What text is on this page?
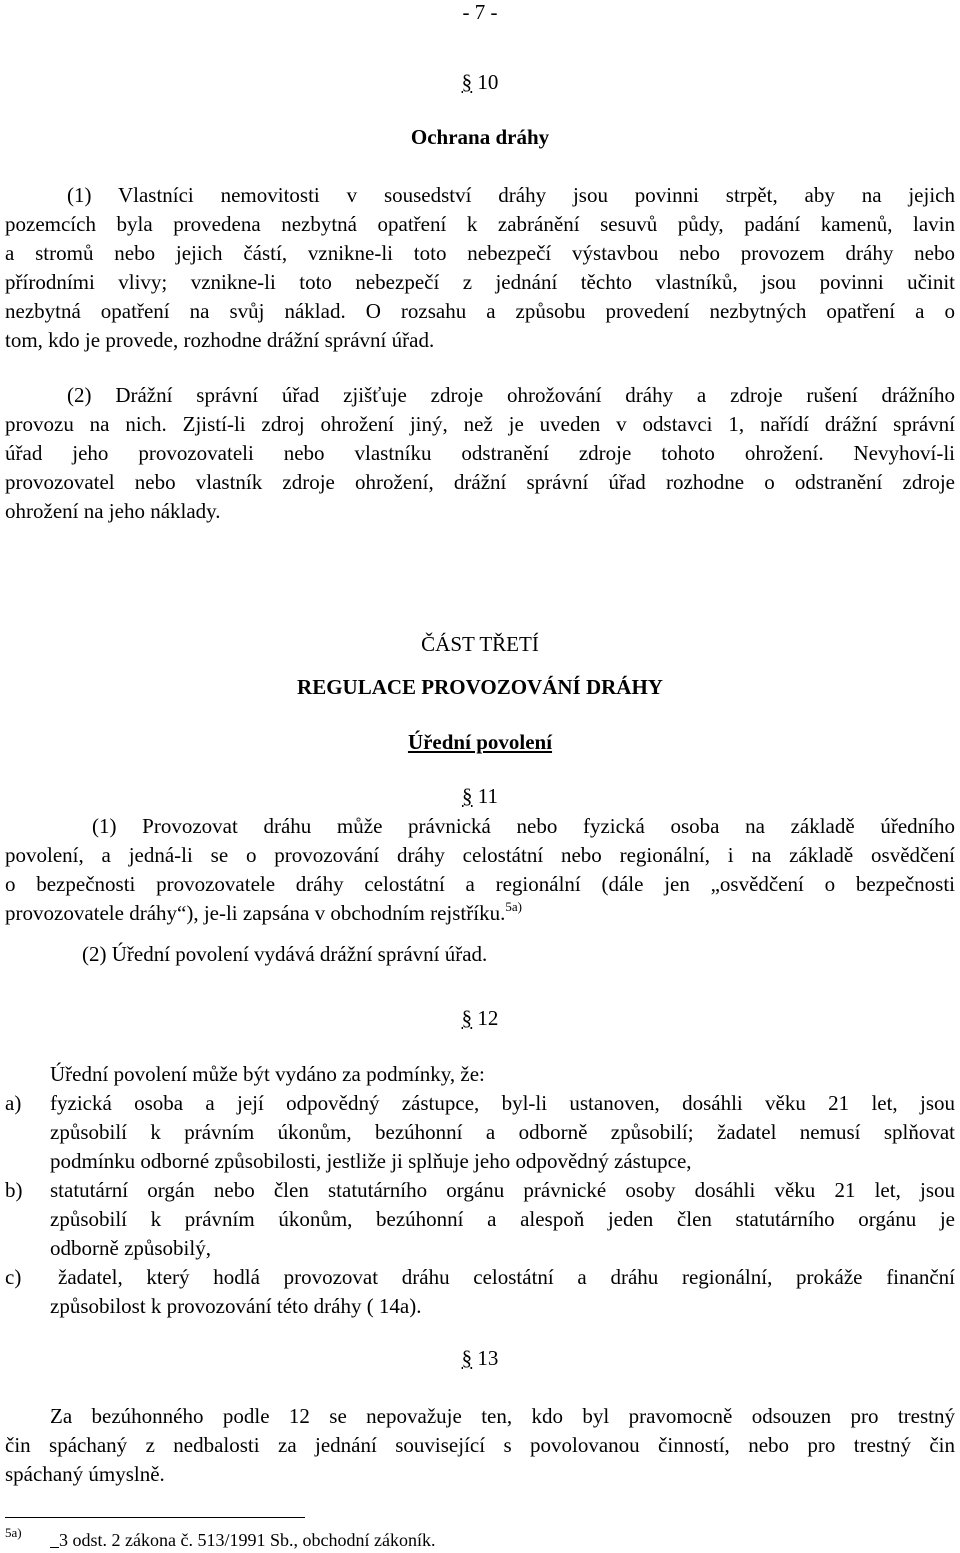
- 7 -
§ 10
Ochrana dráhy
(1) Vlastníci nemovitosti v sousedství dráhy jsou povinni strpět, aby na jejich
pozemcích byla provedena nezbytná opatření k zabránění sesuvů půdy, padání kamenů, lavin
a stromů nebo jejich částí, vznikne-li toto nebezpečí výstavbou nebo provozem dráhy nebo
přírodními vlivy; vznikne-li toto nebezpečí z jednání těchto vlastníků, jsou povinni učinit
nezbytná opatření na svůj náklad. O rozsahu a způsobu provedení nezbytných opatření a o
tom, kdo je provede, rozhodne drážní správní úřad.
(2) Drážní správní úřad zjišťuje zdroje ohrožování dráhy a zdroje rušení drážního
provozu na nich. Zjistí-li zdroj ohrožení jiný, než je uveden v odstavci 1, nařídí drážní správní
úřad jeho provozovateli nebo vlastníku odstranění zdroje tohoto ohrožení. Nevyhoví-li
provozovatel nebo vlastník zdroje ohrožení, drážní správní úřad rozhodne o odstranění zdroje
ohrožení na jeho náklady.
ČÁST TŘETÍ
REGULACE PROVOZOVÁNÍ DRÁHY
Úřední povolení
§ 11
(1) Provozovat dráhu může právnická nebo fyzická osoba na základě úředního
povolení, a jedná-li se o provozování dráhy celostátní nebo regionální, i na základě osvědčení
o bezpečnosti provozovatele dráhy celostátní a regionální (dále jen „osvědčení o bezpečnosti
provozovatele dráhy“), je-li zapsána v obchodním rejstříku.$^{5a)}$
(2) Úřední povolení vydává drážní správní úřad.
§ 12
Úřední povolení může být vydáno za podmínky, že:
a) fyzická osoba a její odpovědný zástupce, byl-li ustanoven, dosáhli věku 21 let, jsou
způsobilí k právním úkonům, bezúhonní a odborně způsobilí; žadatel nemusí splňovat
podmínku odborné způsobilosti, jestliže ji splňuje jeho odpovědný zástupce,
b) statutární orgán nebo člen statutárního orgánu právnické osoby dosáhli věku 21 let, jsou
způsobilí k právním úkonům, bezúhonní a alespoň jeden člen statutárního orgánu je
odborně způsobilý,
c)	žadatel, který hodlá provozovat dráhu celostátní a dráhu regionální, prokáže finanční
způsobilost k provozování této dráhy ( 14a).
§ 13
Za bezúhonného podle 12 se nepovažuje ten, kdo byl pravomocně odsouzen pro trestný
čin spáchaný z nedbalosti za jednání související s povolovanou činností, nebo pro trestný čin
spáchaný úmyslně.
5a)	3 odst. 2 zákona č. 513/1991 Sb., obchodní zákoník.
